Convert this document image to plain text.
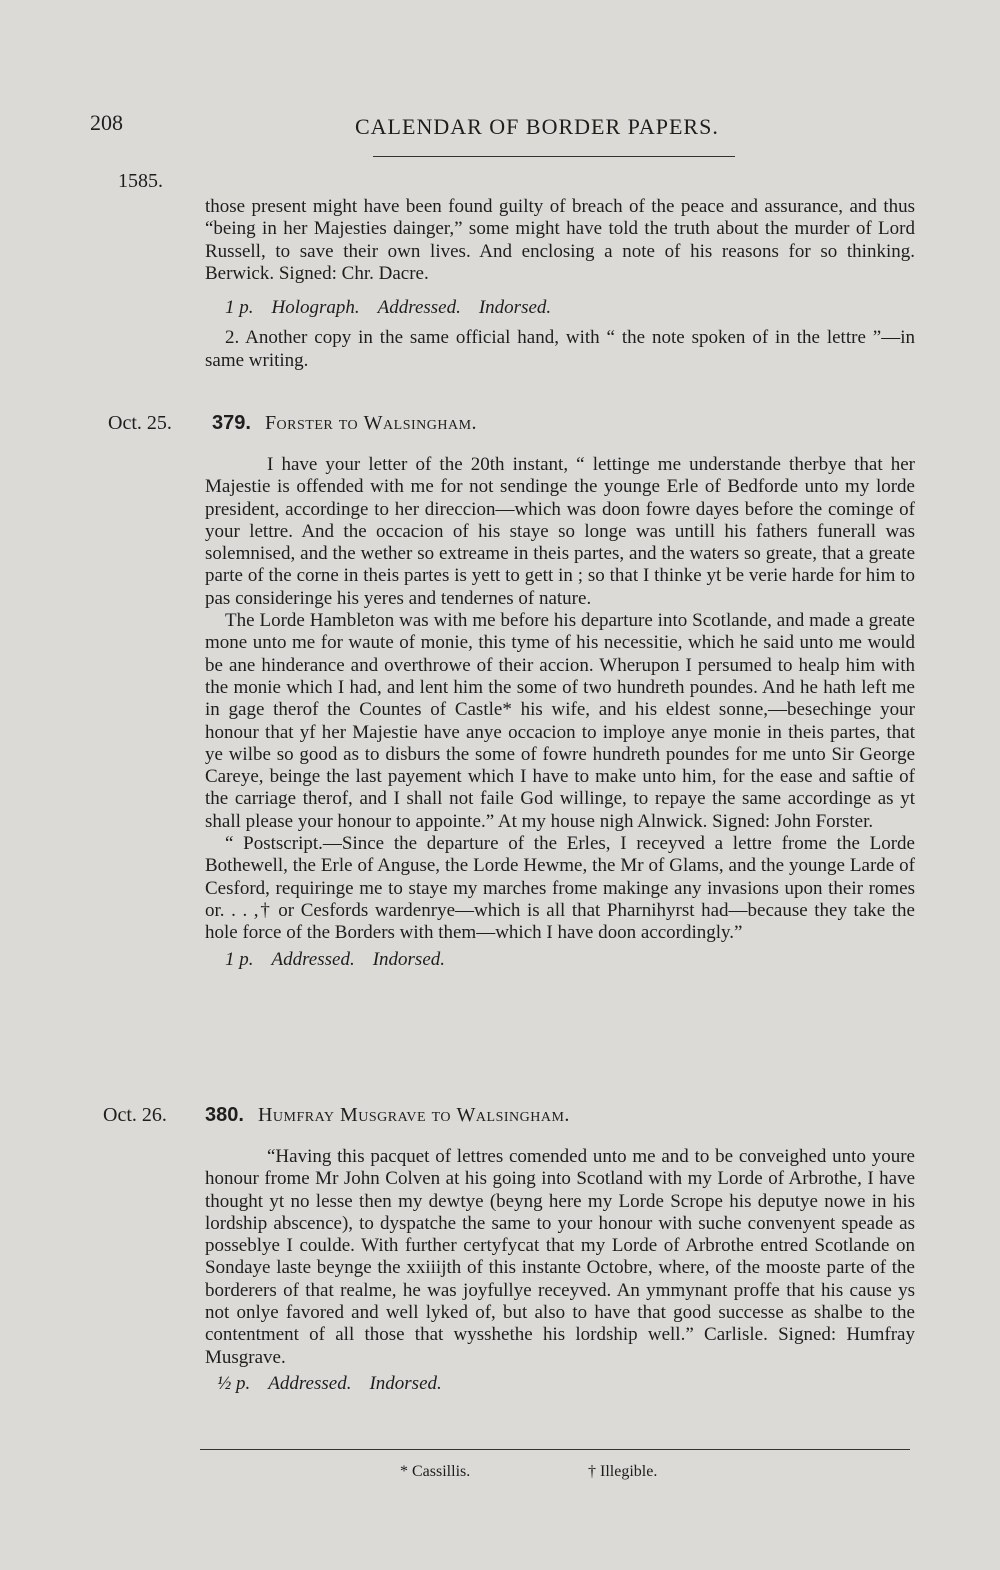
208	CALENDAR OF BORDER PAPERS.
1585.

those present might have been found guilty of breach of the peace and assurance, and thus “being in her Majesties dainger,” some might have told the truth about the murder of Lord Russell, to save their own lives. And enclosing a note of his reasons for so thinking. Berwick. Signed: Chr. Dacre.

1 p. Holograph. Addressed. Indorsed.

2. Another copy in the same official hand, with “ the note spoken of in the lettre ”—in same writing.

Oct. 25. 379. Forster to Walsingham.

I have your letter of the 20th instant, “ lettinge me understande therbye that her Majestie is offended with me for not sendinge the younge Erle of Bedforde unto my lorde president, accordinge to her direccion—which was doon fowre dayes before the cominge of your lettre. And the occacion of his staye so longe was untill his fathers funerall was solemnised, and the wether so extreame in theis partes, and the waters so greate, that a greate parte of the corne in theis partes is yett to gett in ; so that I thinke yt be verie harde for him to pas consideringe his yeres and tendernes of nature.

The Lorde Hambleton was with me before his departure into Scotlande, and made a greate mone unto me for waute of monie, this tyme of his necessitie, which he said unto me would be ane hinderance and overthrowe of their accion. Wherupon I persumed to healp him with the monie which I had, and lent him the some of two hundreth poundes. And he hath left me in gage therof the Countes of Castle* his wife, and his eldest sonne,—besechinge your honour that yf her Majestie have anye occacion to imploye anye monie in theis partes, that ye wilbe so good as to disburs the some of fowre hundreth poundes for me unto Sir George Careye, beinge the last payement which I have to make unto him, for the ease and saftie of the carriage therof, and I shall not faile God willinge, to repaye the same accordinge as yt shall please your honour to appointe.” At my house nigh Alnwick. Signed: John Forster.

“ Postscript.—Since the departure of the Erles, I receyved a lettre frome the Lorde Bothewell, the Erle of Anguse, the Lorde Hewme, the Mr of Glams, and the younge Larde of Cesford, requiringe me to staye my marches frome makinge any invasions upon their romes or. . . ,† or Cesfords wardenrye—which is all that Pharnihyrst had—because they take the hole force of the Borders with them—which I have doon accordingly.”

1 p. Addressed. Indorsed.

Oct. 26. 380. Humfray Musgrave to Walsingham.

“Having this pacquet of lettres comended unto me and to be conveighed unto youre honour frome Mr John Colven at his going into Scotland with my Lorde of Arbrothe, I have thought yt no lesse then my dewtye (beyng here my Lorde Scrope his deputye nowe in his lordship abscence), to dyspatche the same to your honour with suche convenyent speade as posseblye I coulde. With further certyfycat that my Lorde of Arbrothe entred Scotlande on Sondaye laste beynge the xxiiijth of this instante Octobre, where, of the mooste parte of the borderers of that realme, he was joyfullye receyved. An ymmynant proffe that his cause ys not onlye favored and well lyked of, but also to have that good successe as shalbe to the contentment of all those that wysshethe his lordship well.” Carlisle. Signed: Humfray Musgrave.

½ p. Addressed. Indorsed.

* Cassillis.	† Illegible.
